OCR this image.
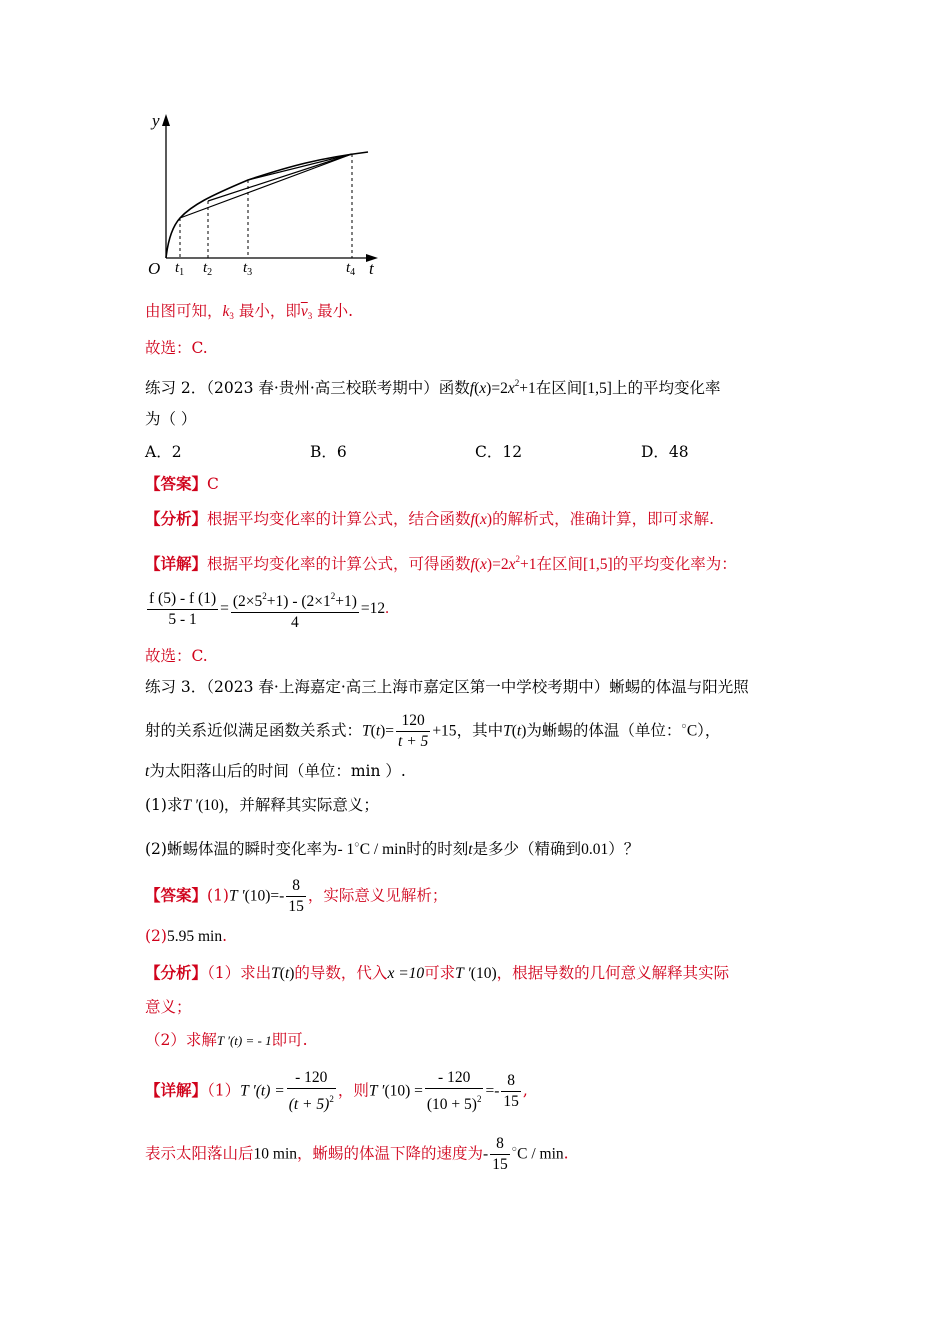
y
t
O $t_1$ $t_2$ $t_3$	$t_4$
由图可知，$k_3$ 最小，即$\overline{v}_3$ 最小.
故选：C.
练习 2．（2023 春·贵州·高三校联考期中）函数$f(x)=2x^2+1$在区间[1,5]上的平均变化率
为（ ）
A．2	B．6	C．12	D．48
【答案】C
【分析】根据平均变化率的计算公式，结合函数f(x)的解析式，准确计算，即可求解.
【详解】根据平均变化率的计算公式，可得函数$f(x)=2x^2+1$在区间[1,5]的平均变化率为：
$\frac{f (5) - f (1)}{5 - 1} = \frac{(2\times 5^2+1) - (2\times 1^2+1)}{4} =12$.
故选：C.
练习 3．（2023 春·上海嘉定·高三上海市嘉定区第一中学校考期中）蜥蜴的体温与阳光照
射的关系近似满足函数关系式：$T(t)= \frac{120}{t + 5} +15$，其中T(t)为蜥蜴的体温（单位：○C），
t为太阳落山后的时间（单位：min ）.
(1)求T ′(10)，并解释其实际意义；
(2)蜥蜴体温的瞬时变化率为- 1○C / min时的时刻t是多少（精确到0.01）？
【答案】(1)T $'(10)=- \frac{8}{15}$ ，实际意义见解析；
(2)5.95 min.
【分析】（1）求出T(t)的导数，代入x =10可求T ′(10)，根据导数的几何意义解释其实际
意义；
（2）求解T ′(t) = - 1即可.
【详解】（1）T $'(t) = \frac{- 120}{(t + 5)^2}$ ，则T $'(10) = \frac{- 120}{(10 + 5)^2} =- \frac{8}{15}$ ,
表示太阳落山后10 min，蜥蜴的体温下降的速度为- $\frac{8}{15} ^○C$ / min.
